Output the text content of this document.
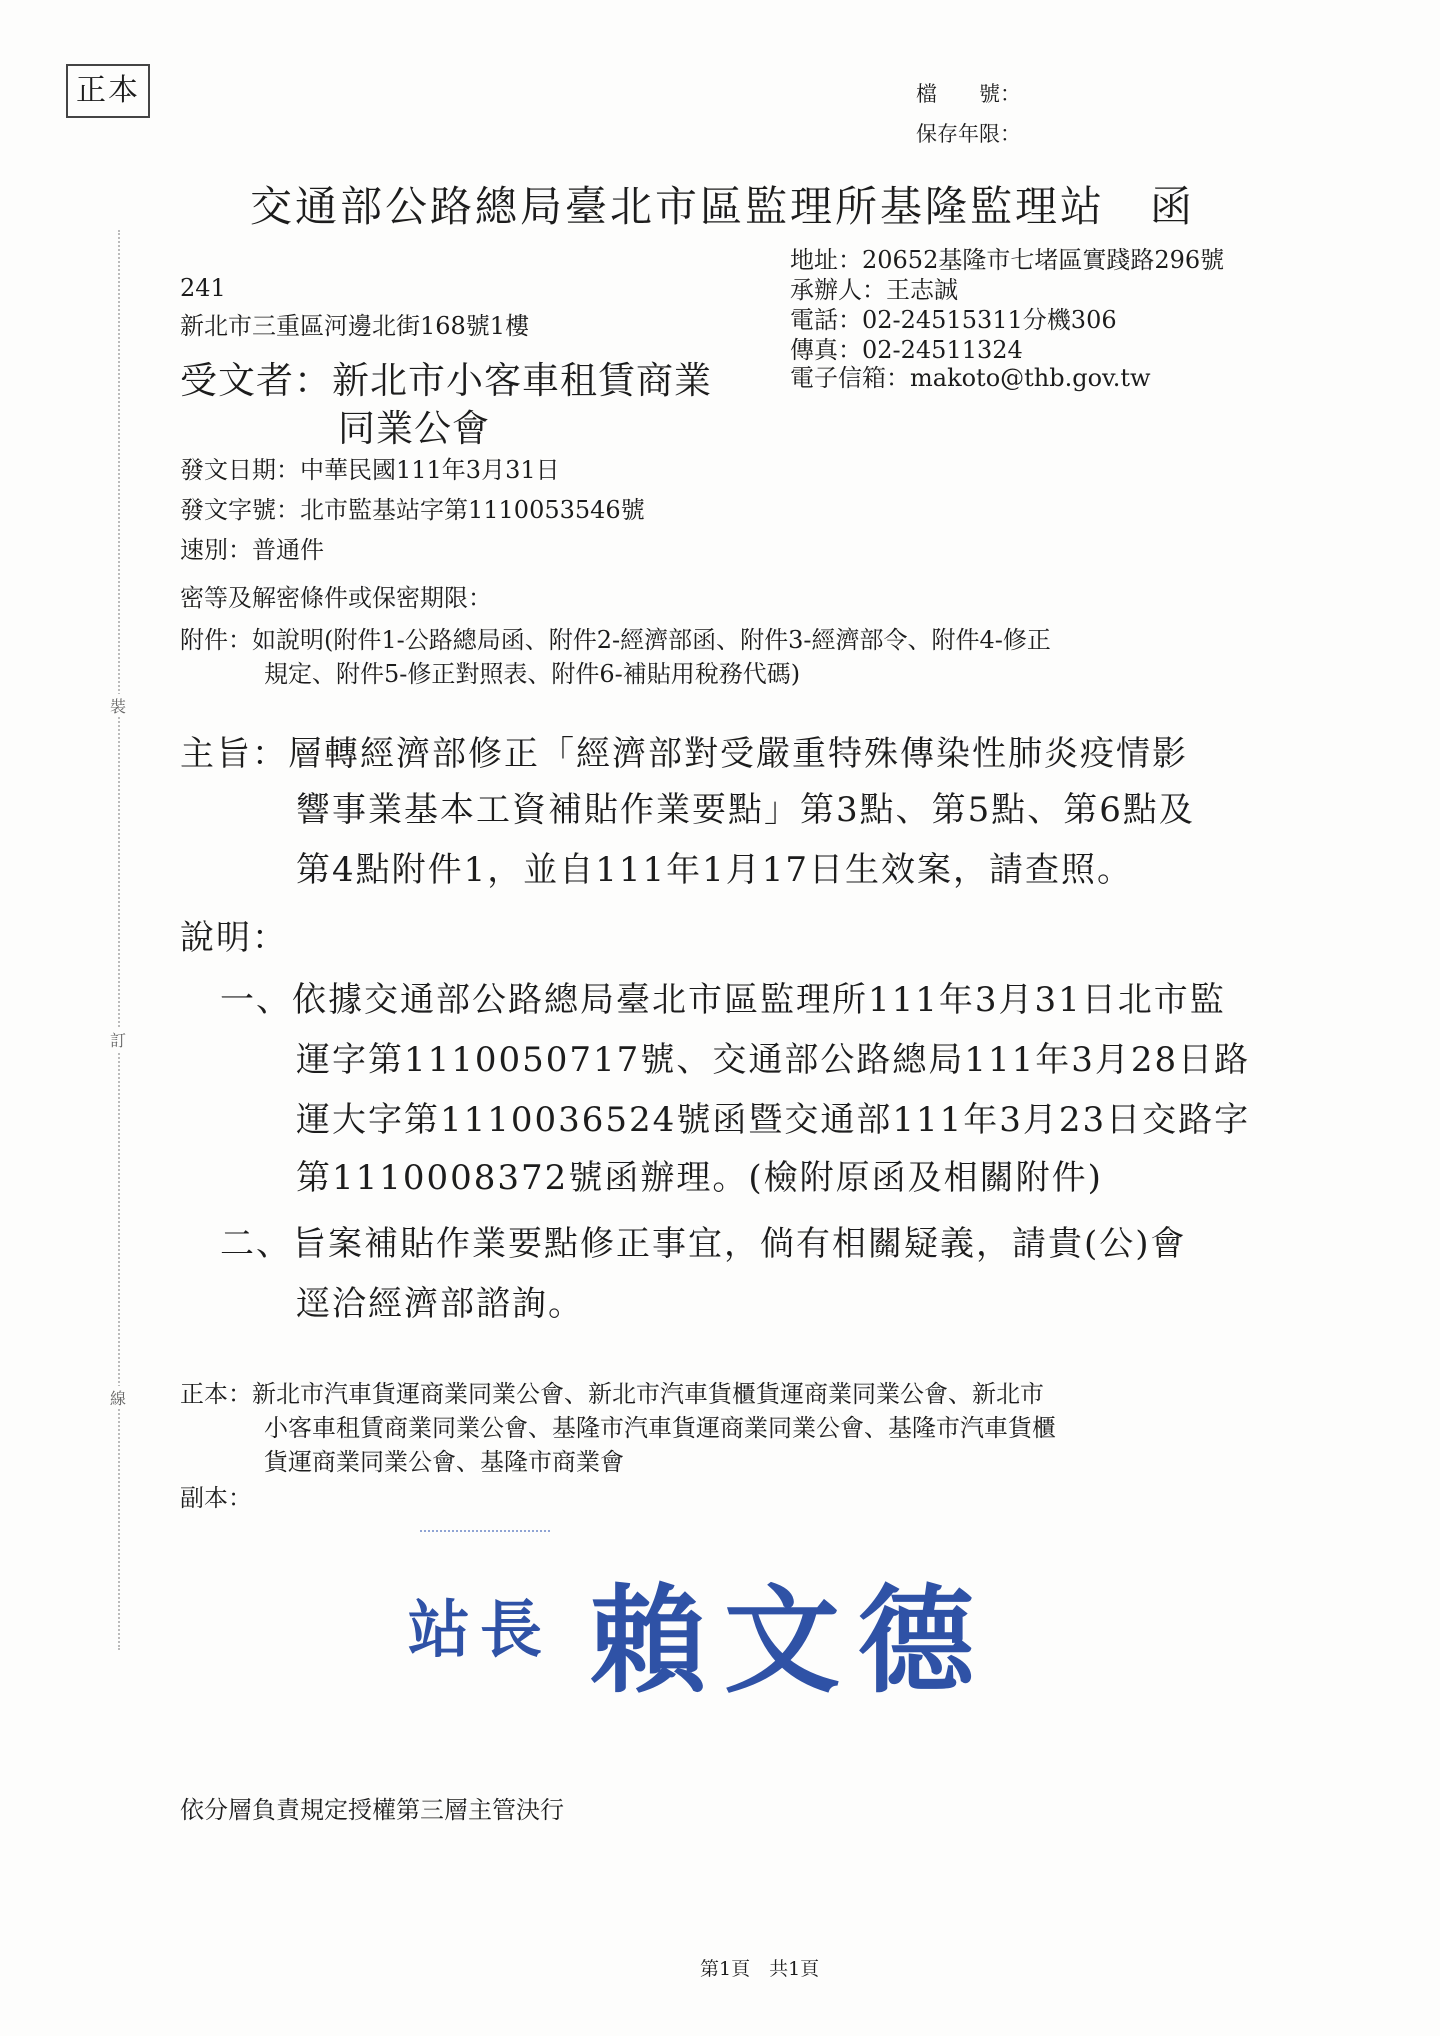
正本	檔　　號：
保存年限：
交通部公路總局臺北市區監理所基隆監理站　函
地址：20652基隆市七堵區實踐路296號
承辦人：王志誠
電話：02-24515311分機306
傳真：02-24511324
電子信箱：makoto@thb.gov.tw
241
新北市三重區河邊北街168號1樓
受文者：新北市小客車租賃商業
同業公會
發文日期：中華民國111年3月31日
發文字號：北市監基站字第1110053546號
速別：普通件
密等及解密條件或保密期限：
附件：如說明(附件1-公路總局函、附件2-經濟部函、附件3-經濟部令、附件4-修正
規定、附件5-修正對照表、附件6-補貼用稅務代碼)
裝
訂
線
主旨：層轉經濟部修正「經濟部對受嚴重特殊傳染性肺炎疫情影
響事業基本工資補貼作業要點」第3點、第5點、第6點及
第4點附件1，並自111年1月17日生效案，請查照。
說明：
一、依據交通部公路總局臺北市區監理所111年3月31日北市監
運字第1110050717號、交通部公路總局111年3月28日路
運大字第1110036524號函暨交通部111年3月23日交路字
第1110008372號函辦理。(檢附原函及相關附件)
二、旨案補貼作業要點修正事宜，倘有相關疑義，請貴(公)會
逕洽經濟部諮詢。
正本：新北市汽車貨運商業同業公會、新北市汽車貨櫃貨運商業同業公會、新北市
小客車租賃商業同業公會、基隆市汽車貨運商業同業公會、基隆市汽車貨櫃
貨運商業同業公會、基隆市商業會
副本：
站長 賴文德
依分層負責規定授權第三層主管決行
第1頁　共1頁
